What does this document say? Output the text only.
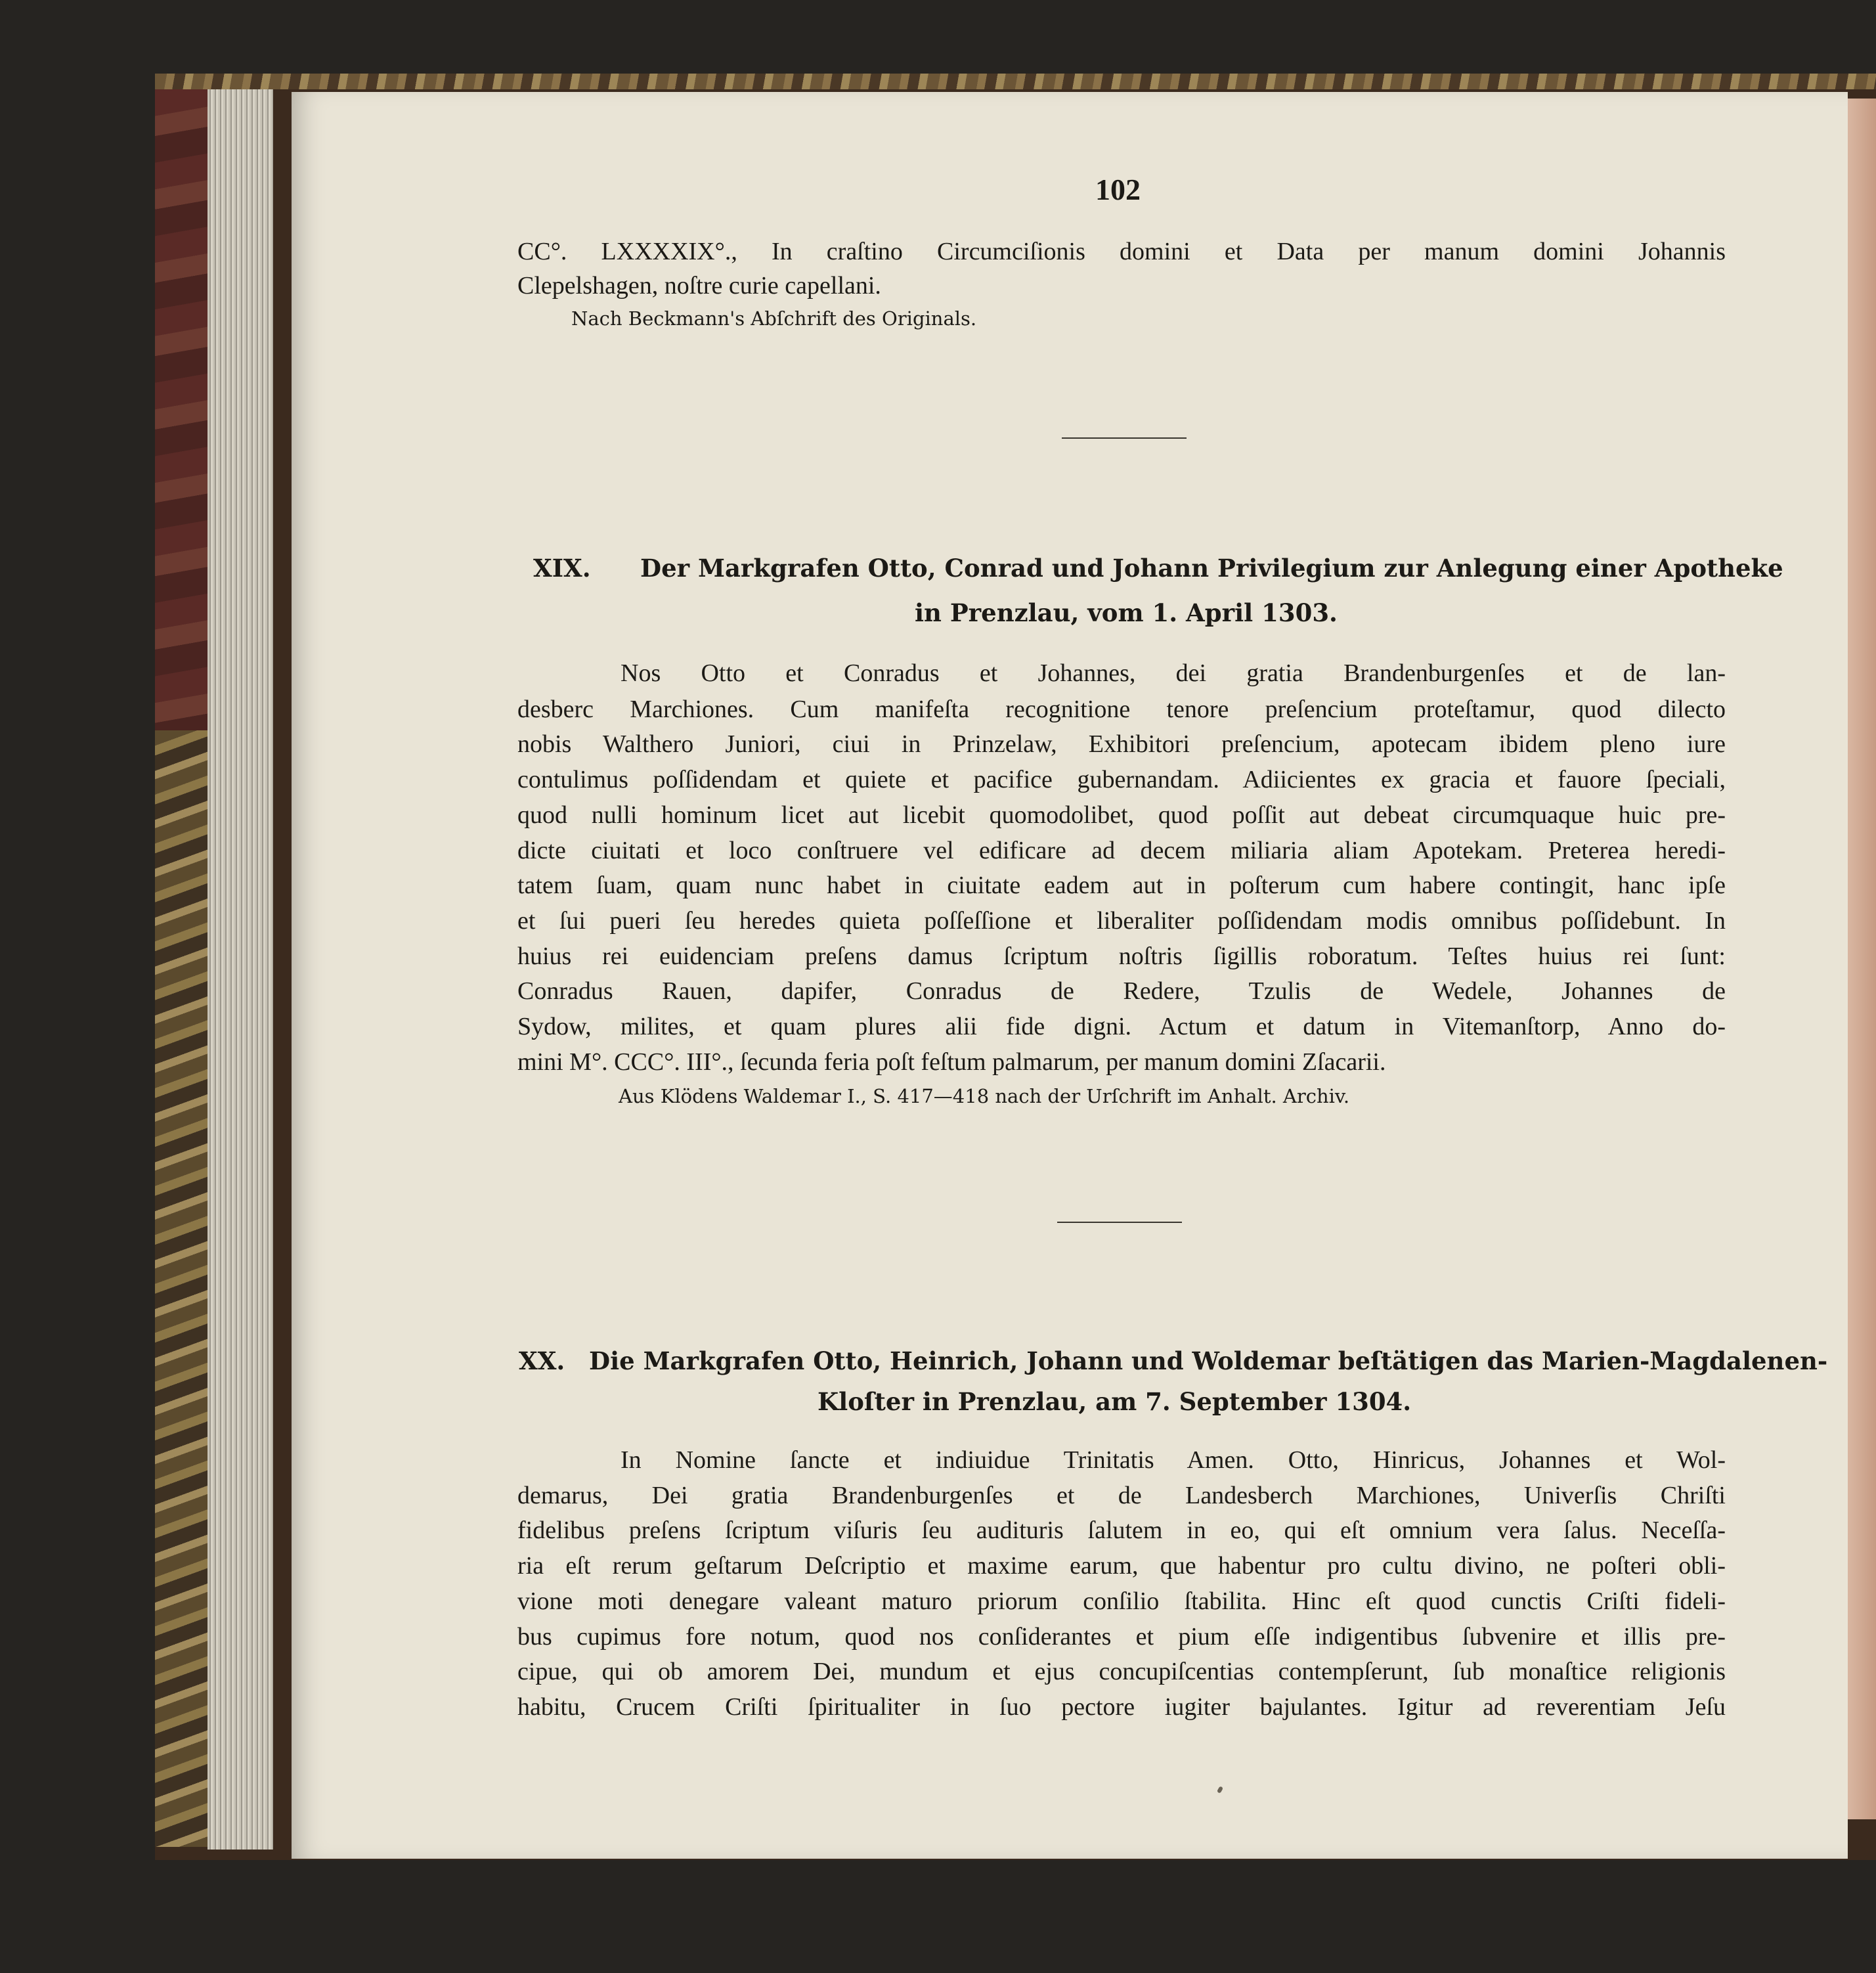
102
CC°. LXXXXIX°., In craſtino Circumciſionis domini et Data per manum domini Johannis
Clepelshagen, noſtre curie capellani.
Nach Beckmann's Abſchrift des Originals.
XIX. Der Markgrafen Otto, Conrad und Johann Privilegium zur Anlegung einer Apotheke
in Prenzlau, vom 1. April 1303.
Nos Otto et Conradus et Johannes, dei gratia Brandenburgenſes et de lan-
desberc Marchiones. Cum manifeſta recognitione tenore preſencium proteſtamur, quod dilecto
nobis Walthero Juniori, ciui in Prinzelaw, Exhibitori preſencium, apotecam ibidem pleno iure
contulimus poſſidendam et quiete et pacifice gubernandam. Adiicientes ex gracia et fauore ſpeciali,
quod nulli hominum licet aut licebit quomodolibet, quod poſſit aut debeat circumquaque huic pre-
dicte ciuitati et loco conſtruere vel edificare ad decem miliaria aliam Apotekam. Preterea heredi-
tatem ſuam, quam nunc habet in ciuitate eadem aut in poſterum cum habere contingit, hanc ipſe
et ſui pueri ſeu heredes quieta poſſeſſione et liberaliter poſſidendam modis omnibus poſſidebunt. In
huius rei euidenciam preſens damus ſcriptum noſtris ſigillis roboratum. Teſtes huius rei ſunt:
Conradus Rauen, dapifer, Conradus de Redere, Tzulis de Wedele, Johannes de
Sydow, milites, et quam plures alii fide digni. Actum et datum in Vitemanſtorp, Anno do-
mini M°. CCC°. III°., ſecunda feria poſt feſtum palmarum, per manum domini Zſacarii.
Aus Klödens Waldemar I., S. 417—418 nach der Urſchrift im Anhalt. Archiv.
XX. Die Markgrafen Otto, Heinrich, Johann und Woldemar beſtätigen das Marien-Magdalenen-
Kloſter in Prenzlau, am 7. September 1304.
In Nomine ſancte et indiuidue Trinitatis Amen. Otto, Hinricus, Johannes et Wol-
demarus, Dei gratia Brandenburgenſes et de Landesberch Marchiones, Univerſis Chriſti
fidelibus preſens ſcriptum viſuris ſeu audituris ſalutem in eo, qui eſt omnium vera ſalus. Neceſſa-
ria eſt rerum geſtarum Deſcriptio et maxime earum, que habentur pro cultu divino, ne poſteri obli-
vione moti denegare valeant maturo priorum conſilio ſtabilita. Hinc eſt quod cunctis Criſti fideli-
bus cupimus fore notum, quod nos conſiderantes et pium eſſe indigentibus ſubvenire et illis pre-
cipue, qui ob amorem Dei, mundum et ejus concupiſcentias contempſerunt, ſub monaſtice religionis
habitu, Crucem Criſti ſpiritualiter in ſuo pectore iugiter bajulantes. Igitur ad reverentiam Jeſu
